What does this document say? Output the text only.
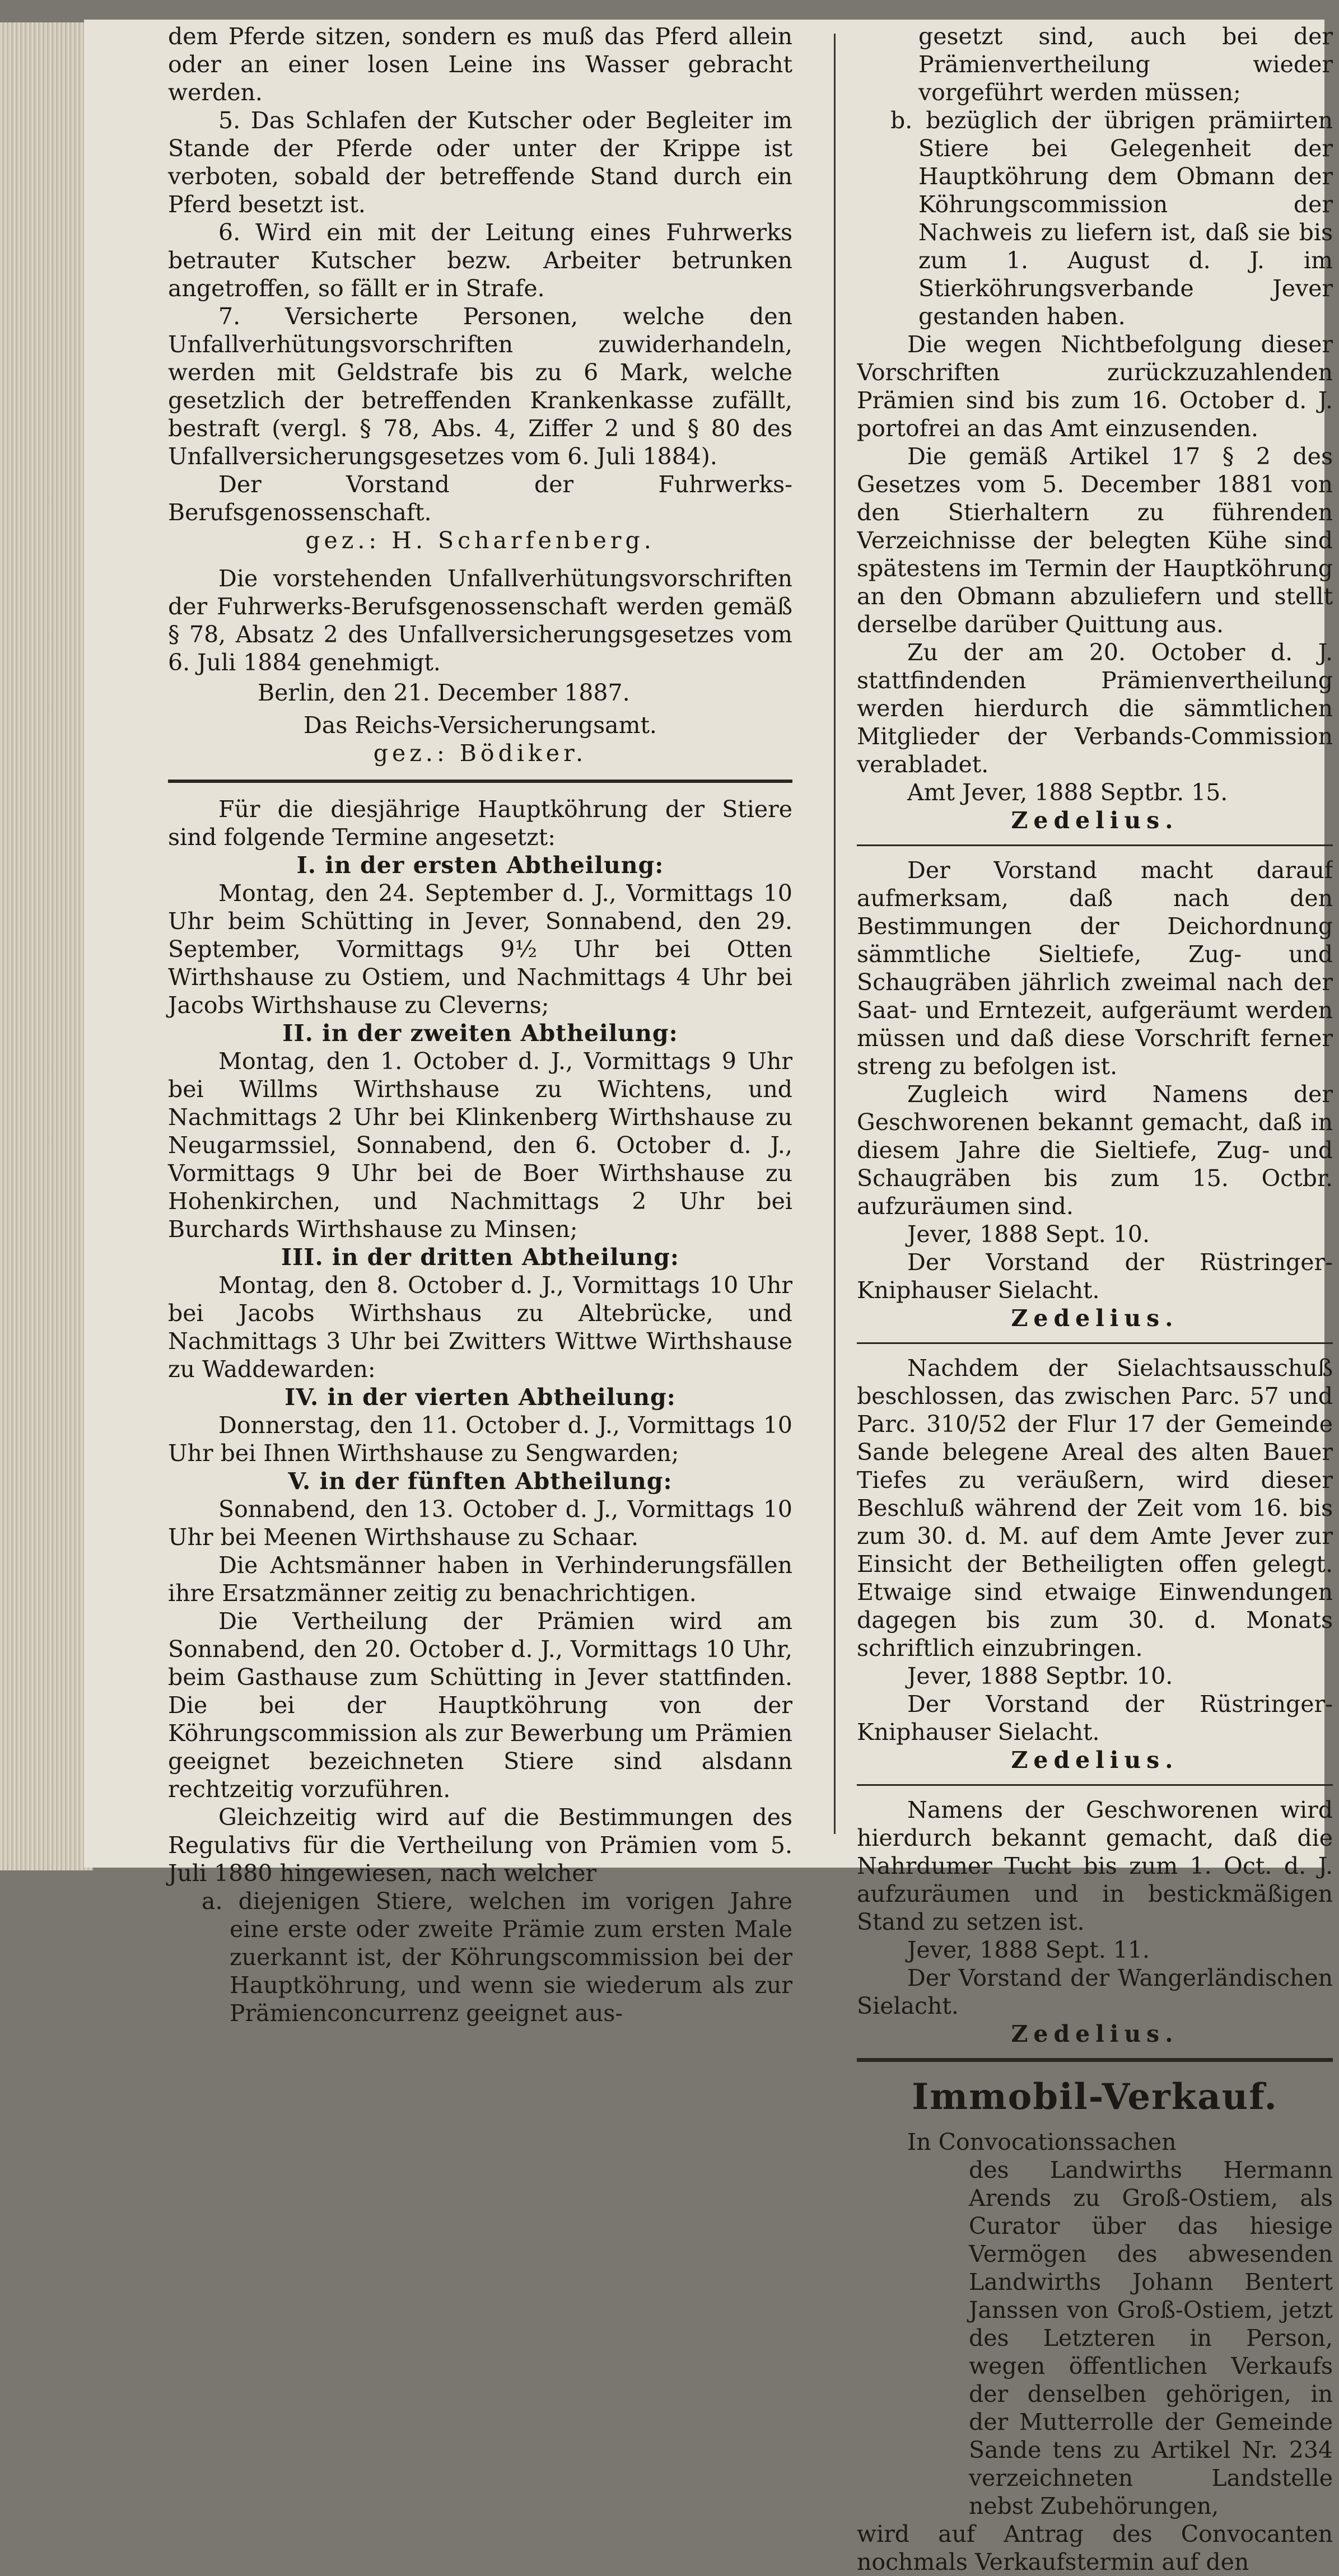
dem Pferde sitzen, sondern es muß das Pferd allein oder an einer losen Leine ins Wasser gebracht werden.

5. Das Schlafen der Kutscher oder Begleiter im Stande der Pferde oder unter der Krippe ist verboten, sobald der betreffende Stand durch ein Pferd besetzt ist.

6. Wird ein mit der Leitung eines Fuhrwerks betrauter Kutscher bezw. Arbeiter betrunken angetroffen, so fällt er in Strafe.

7. Versicherte Personen, welche den Unfallverhütungsvorschriften zuwiderhandeln, werden mit Geldstrafe bis zu 6 Mark, welche gesetzlich der betreffenden Krankenkasse zufällt, bestraft (vergl. § 78, Abs. 4, Ziffer 2 und § 80 des Unfallversicherungsgesetzes vom 6. Juli 1884).

Der Vorstand der Fuhrwerks-Berufsgenossenschaft.

gez.: H. Scharfenberg.

Die vorstehenden Unfallverhütungsvorschriften der Fuhrwerks-Berufsgenossenschaft werden gemäß § 78, Absatz 2 des Unfallversicherungsgesetzes vom 6. Juli 1884 genehmigt.

Berlin, den 21. December 1887.

Das Reichs-Versicherungsamt.

gez.: Bödiker.

Für die diesjährige Hauptköhrung der Stiere sind folgende Termine angesetzt:

I. in der ersten Abtheilung:

Montag, den 24. September d. J., Vormittags 10 Uhr beim Schütting in Jever, Sonnabend, den 29. September, Vormittags 9½ Uhr bei Otten Wirthshause zu Ostiem, und Nachmittags 4 Uhr bei Jacobs Wirthshause zu Cleverns;

II. in der zweiten Abtheilung:

Montag, den 1. October d. J., Vormittags 9 Uhr bei Willms Wirthshause zu Wichtens, und Nachmittags 2 Uhr bei Klinkenberg Wirthshause zu Neugarmssiel, Sonnabend, den 6. October d. J., Vormittags 9 Uhr bei de Boer Wirthshause zu Hohenkirchen, und Nachmittags 2 Uhr bei Burchards Wirthshause zu Minsen;

III. in der dritten Abtheilung:

Montag, den 8. October d. J., Vormittags 10 Uhr bei Jacobs Wirthshaus zu Altebrücke, und Nachmittags 3 Uhr bei Zwitters Wittwe Wirthshause zu Waddewarden:

IV. in der vierten Abtheilung:

Donnerstag, den 11. October d. J., Vormittags 10 Uhr bei Ihnen Wirthshause zu Sengwarden;

V. in der fünften Abtheilung:

Sonnabend, den 13. October d. J., Vormittags 10 Uhr bei Meenen Wirthshause zu Schaar.

Die Achtsmänner haben in Verhinderungsfällen ihre Ersatzmänner zeitig zu benachrichtigen.

Die Vertheilung der Prämien wird am Sonnabend, den 20. October d. J., Vormittags 10 Uhr, beim Gasthause zum Schütting in Jever stattfinden. Die bei der Hauptköhrung von der Köhrungscommission als zur Bewerbung um Prämien geeignet bezeichneten Stiere sind alsdann rechtzeitig vorzuführen.

Gleichzeitig wird auf die Bestimmungen des Regulativs für die Vertheilung von Prämien vom 5. Juli 1880 hingewiesen, nach welcher

a. diejenigen Stiere, welchen im vorigen Jahre eine erste oder zweite Prämie zum ersten Male zuerkannt ist, der Köhrungscommission bei der Hauptköhrung, und wenn sie wiederum als zur Prämienconcurrenz geeignet aus-

gesetzt sind, auch bei der Prämienvertheilung wieder vorgeführt werden müssen;

b. bezüglich der übrigen prämiirten Stiere bei Gelegenheit der Hauptköhrung dem Obmann der Köhrungscommission der Nachweis zu liefern ist, daß sie bis zum 1. August d. J. im Stierköhrungsverbande Jever gestanden haben.

Die wegen Nichtbefolgung dieser Vorschriften zurückzuzahlenden Prämien sind bis zum 16. October d. J. portofrei an das Amt einzusenden.

Die gemäß Artikel 17 § 2 des Gesetzes vom 5. December 1881 von den Stierhaltern zu führenden Verzeichnisse der belegten Kühe sind spätestens im Termin der Hauptköhrung an den Obmann abzuliefern und stellt derselbe darüber Quittung aus.

Zu der am 20. October d. J. stattfindenden Prämienvertheilung werden hierdurch die sämmtlichen Mitglieder der Verbands-Commission verabladet.

Amt Jever, 1888 Septbr. 15.

Zedelius.

Der Vorstand macht darauf aufmerksam, daß nach den Bestimmungen der Deichordnung sämmtliche Sieltiefe, Zug- und Schaugräben jährlich zweimal nach der Saat- und Erntezeit, aufgeräumt werden müssen und daß diese Vorschrift ferner streng zu befolgen ist.

Zugleich wird Namens der Geschworenen bekannt gemacht, daß in diesem Jahre die Sieltiefe, Zug- und Schaugräben bis zum 15. Octbr. aufzuräumen sind.

Jever, 1888 Sept. 10.

Der Vorstand der Rüstringer-Kniphauser Sielacht.

Zedelius.

Nachdem der Sielachtsausschuß beschlossen, das zwischen Parc. 57 und Parc. 310/52 der Flur 17 der Gemeinde Sande belegene Areal des alten Bauer Tiefes zu veräußern, wird dieser Beschluß während der Zeit vom 16. bis zum 30. d. M. auf dem Amte Jever zur Einsicht der Betheiligten offen gelegt. Etwaige sind etwaige Einwendungen dagegen bis zum 30. d. Monats schriftlich einzubringen.

Jever, 1888 Septbr. 10.

Der Vorstand der Rüstringer-Kniphauser Sielacht.

Zedelius.

Namens der Geschworenen wird hierdurch bekannt gemacht, daß die Nahrdumer Tucht bis zum 1. Oct. d. J. aufzuräumen und in bestickmäßigen Stand zu setzen ist.

Jever, 1888 Sept. 11.

Der Vorstand der Wangerländischen Sielacht.

Zedelius.

Immobil-Verkauf.

In Convocationssachen

des Landwirths Hermann Arends zu Groß-Ostiem, als Curator über das hiesige Vermögen des abwesenden Landwirths Johann Bentert Janssen von Groß-Ostiem, jetzt des Letzteren in Person, wegen öffentlichen Verkaufs der denselben gehörigen, in der Mutterrolle der Gemeinde Sande tens zu Artikel Nr. 234 verzeichneten Landstelle nebst Zubehörungen,

wird auf Antrag des Convocanten nochmals Verkaufstermin auf den
